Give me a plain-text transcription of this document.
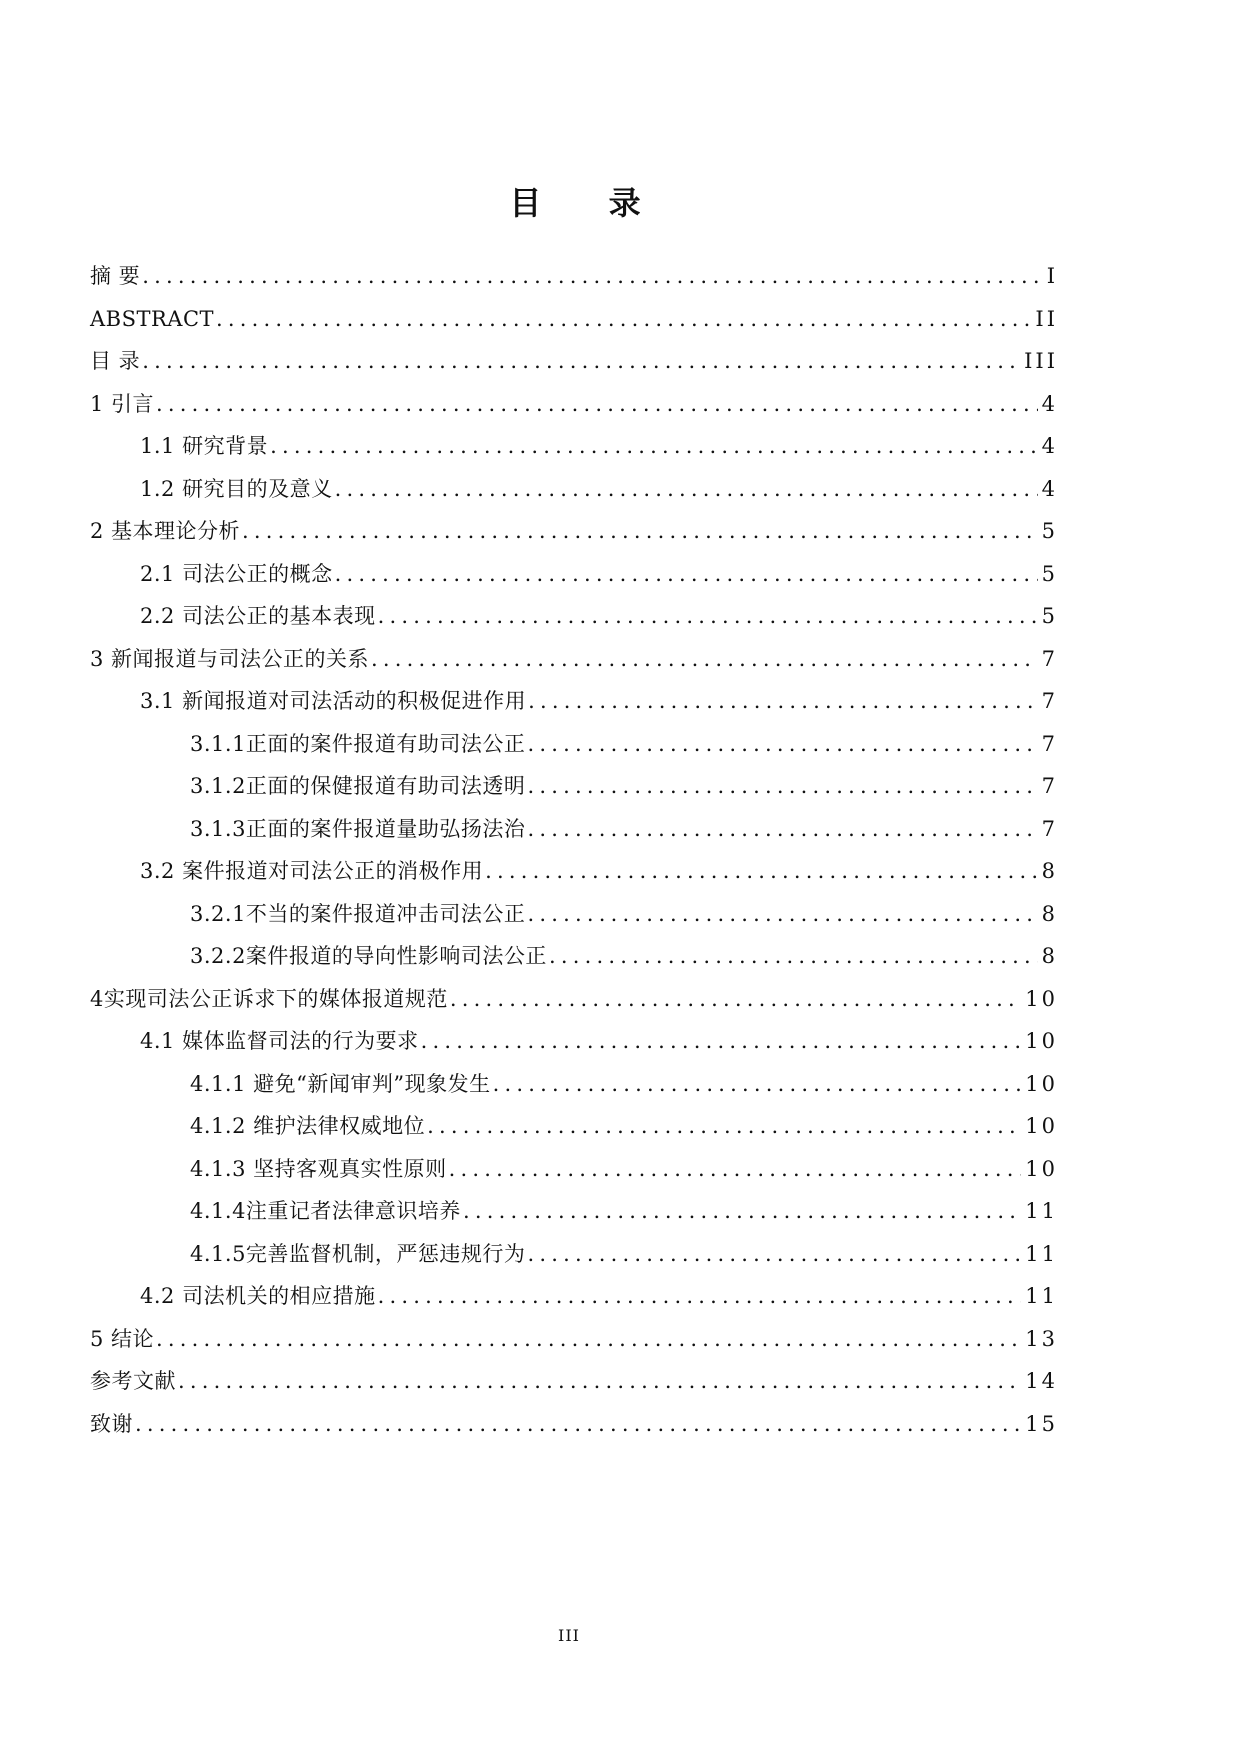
目 录
摘 要 .....	I
ABSTRACT .....	II
目 录 .....	III
1 引言 .....	4
1.1 研究背景 .....	4
1.2 研究目的及意义 .....	4
2 基本理论分析 .....	5
2.1 司法公正的概念 .....	5
2.2 司法公正的基本表现 .....	5
3 新闻报道与司法公正的关系 .....	7
3.1 新闻报道对司法活动的积极促进作用 .....	7
3.1.1正面的案件报道有助司法公正 .....	7
3.1.2正面的保健报道有助司法透明 .....	7
3.1.3正面的案件报道量助弘扬法治 .....	7
3.2 案件报道对司法公正的消极作用 .....	8
3.2.1不当的案件报道冲击司法公正 .....	8
3.2.2案件报道的导向性影响司法公正 .....	8
4实现司法公正诉求下的媒体报道规范 .....	10
4.1 媒体监督司法的行为要求 .....	10
4.1.1 避免“新闻审判”现象发生 .....	10
4.1.2 维护法律权威地位 .....	10
4.1.3 坚持客观真实性原则 .....	10
4.1.4注重记者法律意识培养 .....	11
4.1.5完善监督机制，严惩违规行为 .....	11
4.2 司法机关的相应措施 .....	11
5 结论 .....	13
参考文献 .....	14
致谢 .....	15
III
